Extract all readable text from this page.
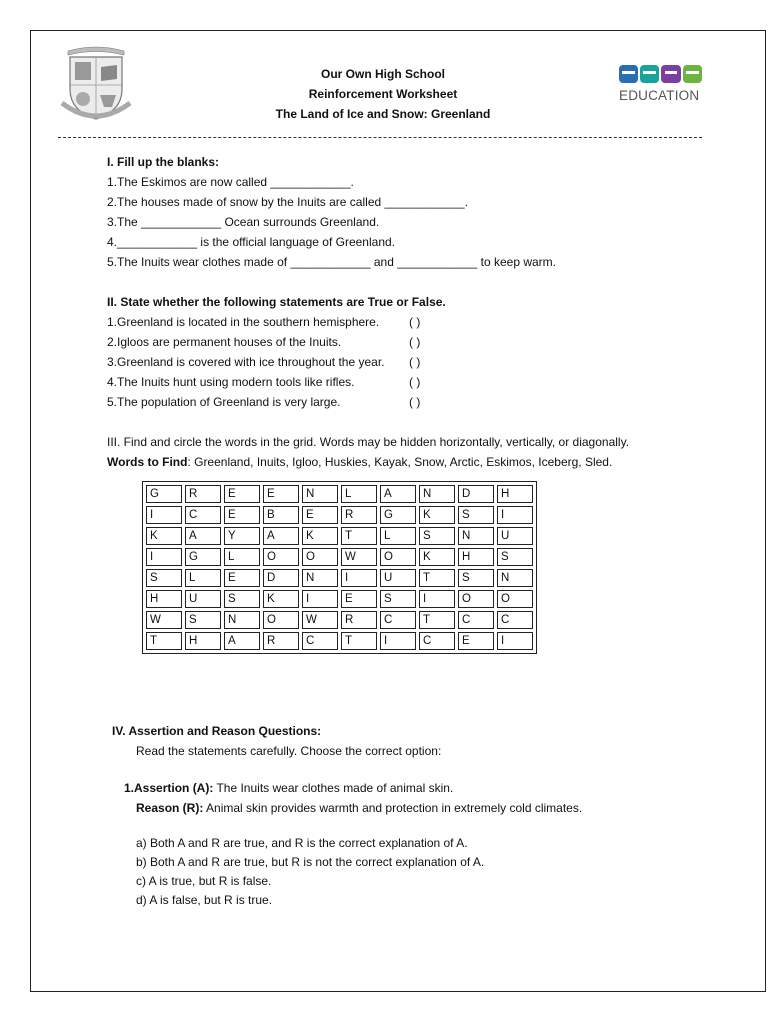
Our Own High School
Reinforcement Worksheet
The Land of Ice and Snow: Greenland
EDUCATION
I. Fill up the blanks:
1.The Eskimos are now called ____________.
2.The houses made of snow by the Inuits are called ____________.
3.The ____________ Ocean surrounds Greenland.
4.____________ is the official language of Greenland.
5.The Inuits wear clothes made of ____________ and ____________ to keep warm.
II. State whether the following statements are True or False.
1.Greenland is located in the southern hemisphere. ( )
2.Igloos are permanent houses of the Inuits.	( )
3.Greenland is covered with ice throughout the year. ( )
4.The Inuits hunt using modern tools like rifles.	( )
5.The population of Greenland is very large.	( )
III. Find and circle the words in the grid. Words may be hidden horizontally, vertically, or diagonally.
Words to Find: Greenland, Inuits, Igloo, Huskies, Kayak, Snow, Arctic, Eskimos, Iceberg, Sled.
G	R	E	E	N	L	A	N	D	H
I	C	E	B	E	R	G	K	S	I
K	A	Y	A	K	T	L	S	N	U
I	G	L	O	O	W	O	K	H	S
S	L	E	D	N	I	U	T	S	N
H	U	S	K	I	E	S	I	O	O
W	S	N	O	W	R	C	T	C	C
T	H	A	R	C	T	I	C	E	I
IV. Assertion and Reason Questions:
Read the statements carefully. Choose the correct option:
1.Assertion (A): The Inuits wear clothes made of animal skin.
Reason (R): Animal skin provides warmth and protection in extremely cold climates.
a) Both A and R are true, and R is the correct explanation of A.
b) Both A and R are true, but R is not the correct explanation of A.
c) A is true, but R is false.
d) A is false, but R is true.
